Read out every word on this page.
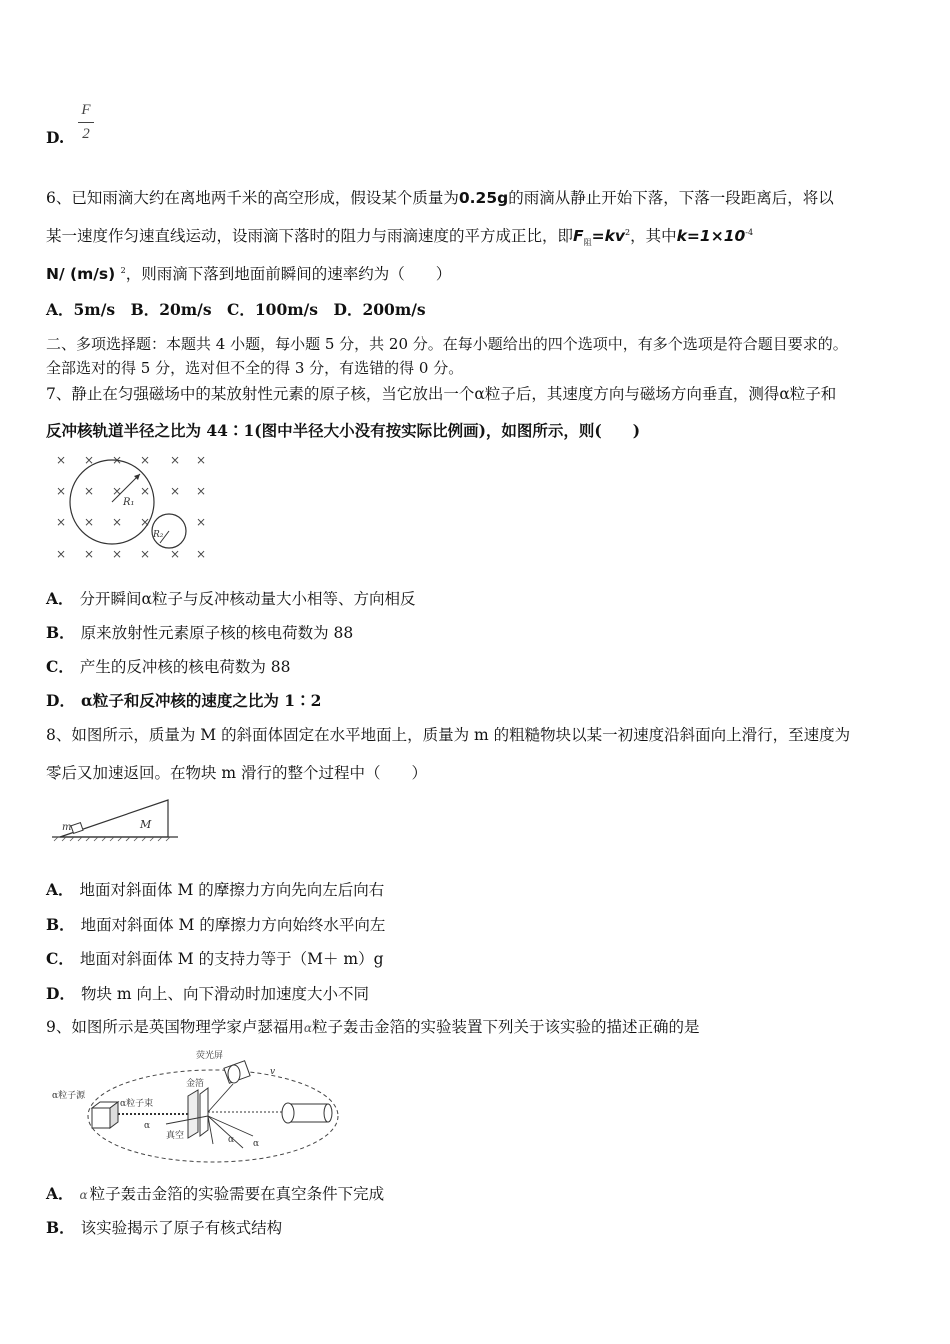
D.
F
2
6、已知雨滴大约在离地两千米的高空形成，假设某个质量为0.25g的雨滴从静止开始下落，下落一段距离后，将以
某一速度作匀速直线运动，设雨滴下落时的阻力与雨滴速度的平方成正比，即$F_阻=kv^2$，其中$k=1\times 10^{-4}$
N/ (m/s) $^2$，则雨滴下落到地面前瞬间的速率约为（　　）
A．5m/s　B．20m/s　C．100m/s　D．200m/s
二、多项选择题：本题共 4 小题，每小题 5 分，共 20 分。在每小题给出的四个选项中，有多个选项是符合题目要求的。
全部选对的得 5 分，选对但不全的得 3 分，有选错的得 0 分。
7、静止在匀强磁场中的某放射性元素的原子核，当它放出一个α粒子后，其速度方向与磁场方向垂直，测得α粒子和
反冲核轨道半径之比为 44∶1(图中半径大小没有按实际比例画)，如图所示，则(　　)
× × × × × ×
× × × × × ×
× × × ×	×
× × × × × ×
R₁
R₂
A． 分开瞬间α粒子与反冲核动量大小相等、方向相反
B． 原来放射性元素原子核的核电荷数为 88
C． 产生的反冲核的核电荷数为 88
D． α粒子和反冲核的速度之比为 1∶2
8、如图所示，质量为 M 的斜面体固定在水平地面上，质量为 m 的粗糙物块以某一初速度沿斜面向上滑行，至速度为
零后又加速返回。在物块 m 滑行的整个过程中（　　）
m	M
A． 地面对斜面体 M 的摩擦力方向先向左后向右
B． 地面对斜面体 M 的摩擦力方向始终水平向左
C． 地面对斜面体 M 的支持力等于（M＋ m）g
D． 物块 m 向上、向下滑动时加速度大小不同
9、如图所示是英国物理学家卢瑟福用α粒子轰击金箔的实验装置下列关于该实验的描述正确的是
荧光屏
α粒子源
α粒子束
金箔
真空
α
α α
v
A． α 粒子轰击金箔的实验需要在真空条件下完成
B． 该实验揭示了原子有核式结构
